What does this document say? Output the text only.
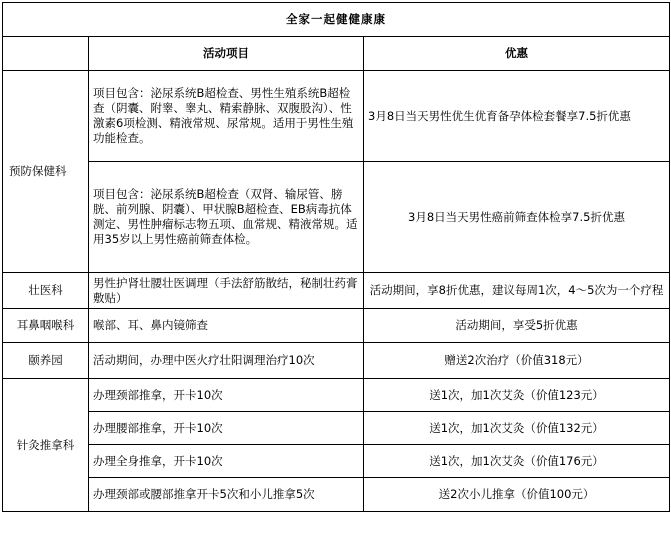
全家一起健健康康		
	活动项目	优惠
预防保健科	项目包含：泌尿系统B超检查、男性生殖系统B超检查（阴囊、附睾、睾丸、精索静脉、双腹股沟）、性激素6项检测、精液常规、尿常规。适用于男性生殖功能检查。	3月8日当天男性优生优育备孕体检套餐享7.5折优惠
	项目包含：泌尿系统B超检查（双肾、输尿管、膀胱、前列腺、阴囊）、甲状腺B超检查、EB病毒抗体测定、男性肿瘤标志物五项、血常规、精液常规。适用35岁以上男性癌前筛查体检。	3月8日当天男性癌前筛查体检享7.5折优惠
壮医科	男性护肾壮腰壮医调理（手法舒筋散结，秘制壮药膏敷贴）	活动期间，享8折优惠，建议每周1次，4～5次为一个疗程
耳鼻咽喉科	喉部、耳、鼻内镜筛查	活动期间，享受5折优惠
颐养园	活动期间，办理中医火疗壮阳调理治疗10次	赠送2次治疗（价值318元）
针灸推拿科	办理颈部推拿，开卡10次	送1次，加1次艾灸（价值123元）
	办理腰部推拿，开卡10次	送1次，加1次艾灸（价值132元）
	办理全身推拿，开卡10次	送1次，加1次艾灸（价值176元）
	办理颈部或腰部推拿开卡5次和小儿推拿5次	送2次小儿推拿（价值100元）
